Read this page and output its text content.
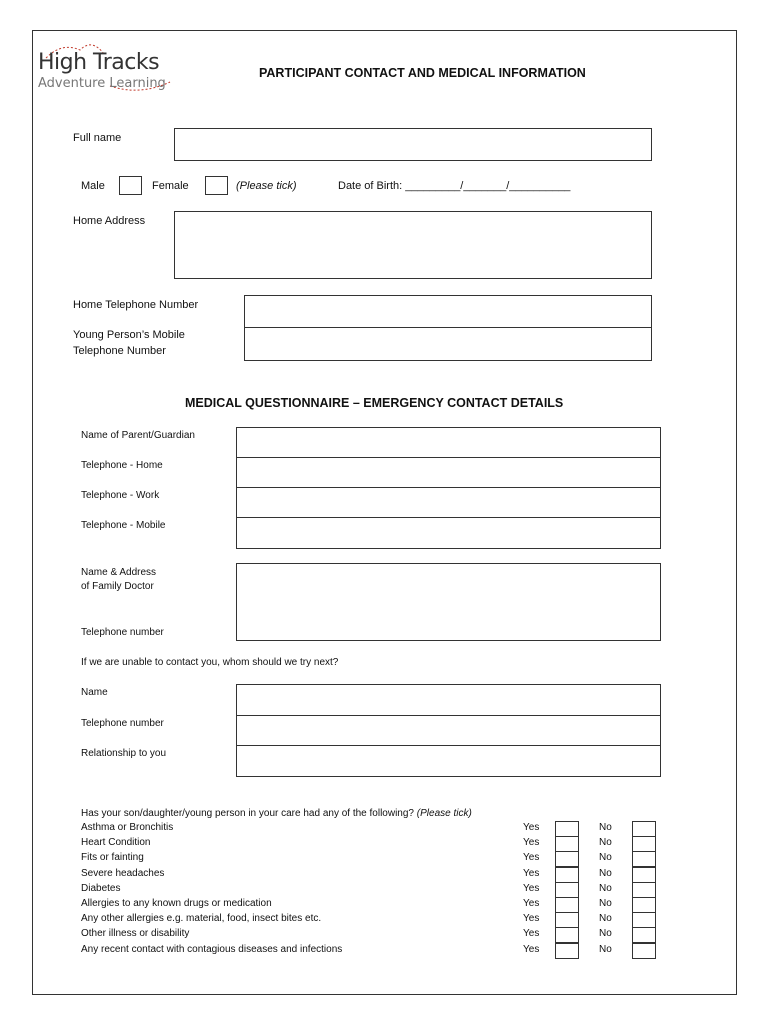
High Tracks
Adventure Learning
PARTICIPANT CONTACT AND MEDICAL INFORMATION
Full name
Male	Female	(Please tick)	Date of Birth: _________/_______/__________
Home Address
Home Telephone Number
Young Person’s Mobile
Telephone Number
MEDICAL QUESTIONNAIRE – EMERGENCY CONTACT DETAILS
Name of Parent/Guardian
Telephone - Home
Telephone - Work
Telephone - Mobile
Name & Address
of Family Doctor
Telephone number
If we are unable to contact you, whom should we try next?
Name
Telephone number
Relationship to you
Has your son/daughter/young person in your care had any of the following? (Please tick)
Asthma or Bronchitis	Yes	No
Heart Condition	Yes	No
Fits or fainting	Yes	No
Severe headaches	Yes	No
Diabetes	Yes	No
Allergies to any known drugs or medication	Yes	No
Any other allergies e.g. material, food, insect bites etc.	Yes	No
Other illness or disability	Yes	No
Any recent contact with contagious diseases and infections	Yes	No
